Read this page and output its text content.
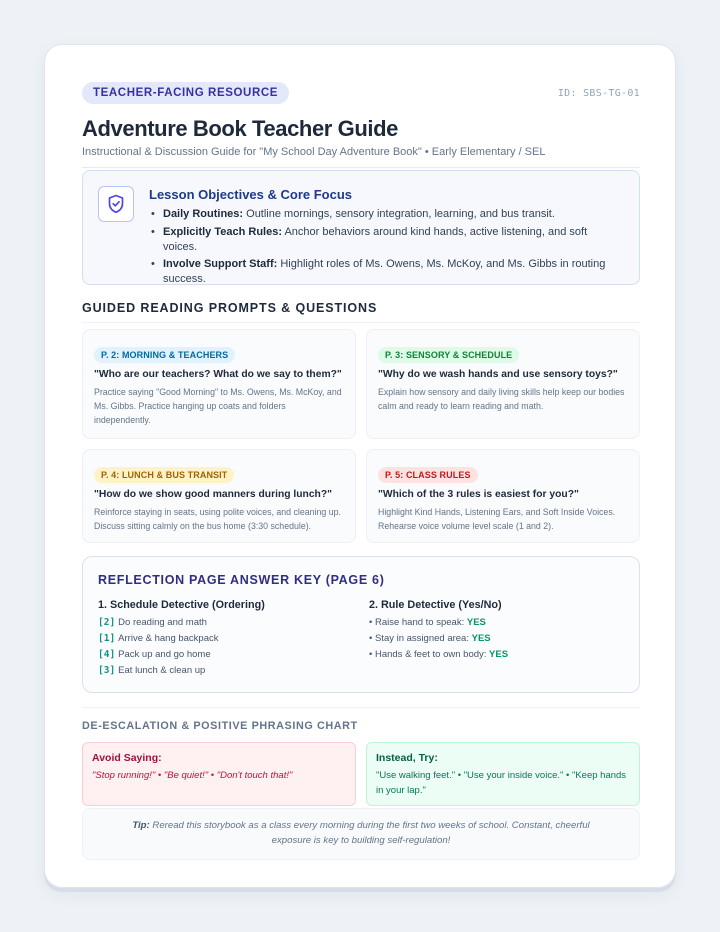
TEACHER-FACING RESOURCE	ID: SBS-TG-01
Adventure Book Teacher Guide
Instructional & Discussion Guide for "My School Day Adventure Book" • Early Elementary / SEL
Lesson Objectives & Core Focus
• Daily Routines: Outline mornings, sensory integration, learning, and bus transit.
• Explicitly Teach Rules: Anchor behaviors around kind hands, active listening, and soft voices.
• Involve Support Staff: Highlight roles of Ms. Owens, Ms. McKoy, and Ms. Gibbs in routing success.
GUIDED READING PROMPTS & QUESTIONS
P. 2: MORNING & TEACHERS
"Who are our teachers? What do we say to them?"
Practice saying "Good Morning" to Ms. Owens, Ms. McKoy, and Ms. Gibbs. Practice hanging up coats and folders independently.
P. 3: SENSORY & SCHEDULE
"Why do we wash hands and use sensory toys?"
Explain how sensory and daily living skills help keep our bodies calm and ready to learn reading and math.
P. 4: LUNCH & BUS TRANSIT
"How do we show good manners during lunch?"
Reinforce staying in seats, using polite voices, and cleaning up. Discuss sitting calmly on the bus home (3:30 schedule).
P. 5: CLASS RULES
"Which of the 3 rules is easiest for you?"
Highlight Kind Hands, Listening Ears, and Soft Inside Voices. Rehearse voice volume level scale (1 and 2).
REFLECTION PAGE ANSWER KEY (PAGE 6)
1. Schedule Detective (Ordering)
[2] Do reading and math
[1] Arrive & hang backpack
[4] Pack up and go home
[3] Eat lunch & clean up
2. Rule Detective (Yes/No)
• Raise hand to speak: YES
• Stay in assigned area: YES
• Hands & feet to own body: YES
DE-ESCALATION & POSITIVE PHRASING CHART
Avoid Saying:
"Stop running!" • "Be quiet!" • "Don't touch that!"
Instead, Try:
"Use walking feet." • "Use your inside voice." • "Keep hands in your lap."
Tip: Reread this storybook as a class every morning during the first two weeks of school. Constant, cheerful exposure is key to building self-regulation!
